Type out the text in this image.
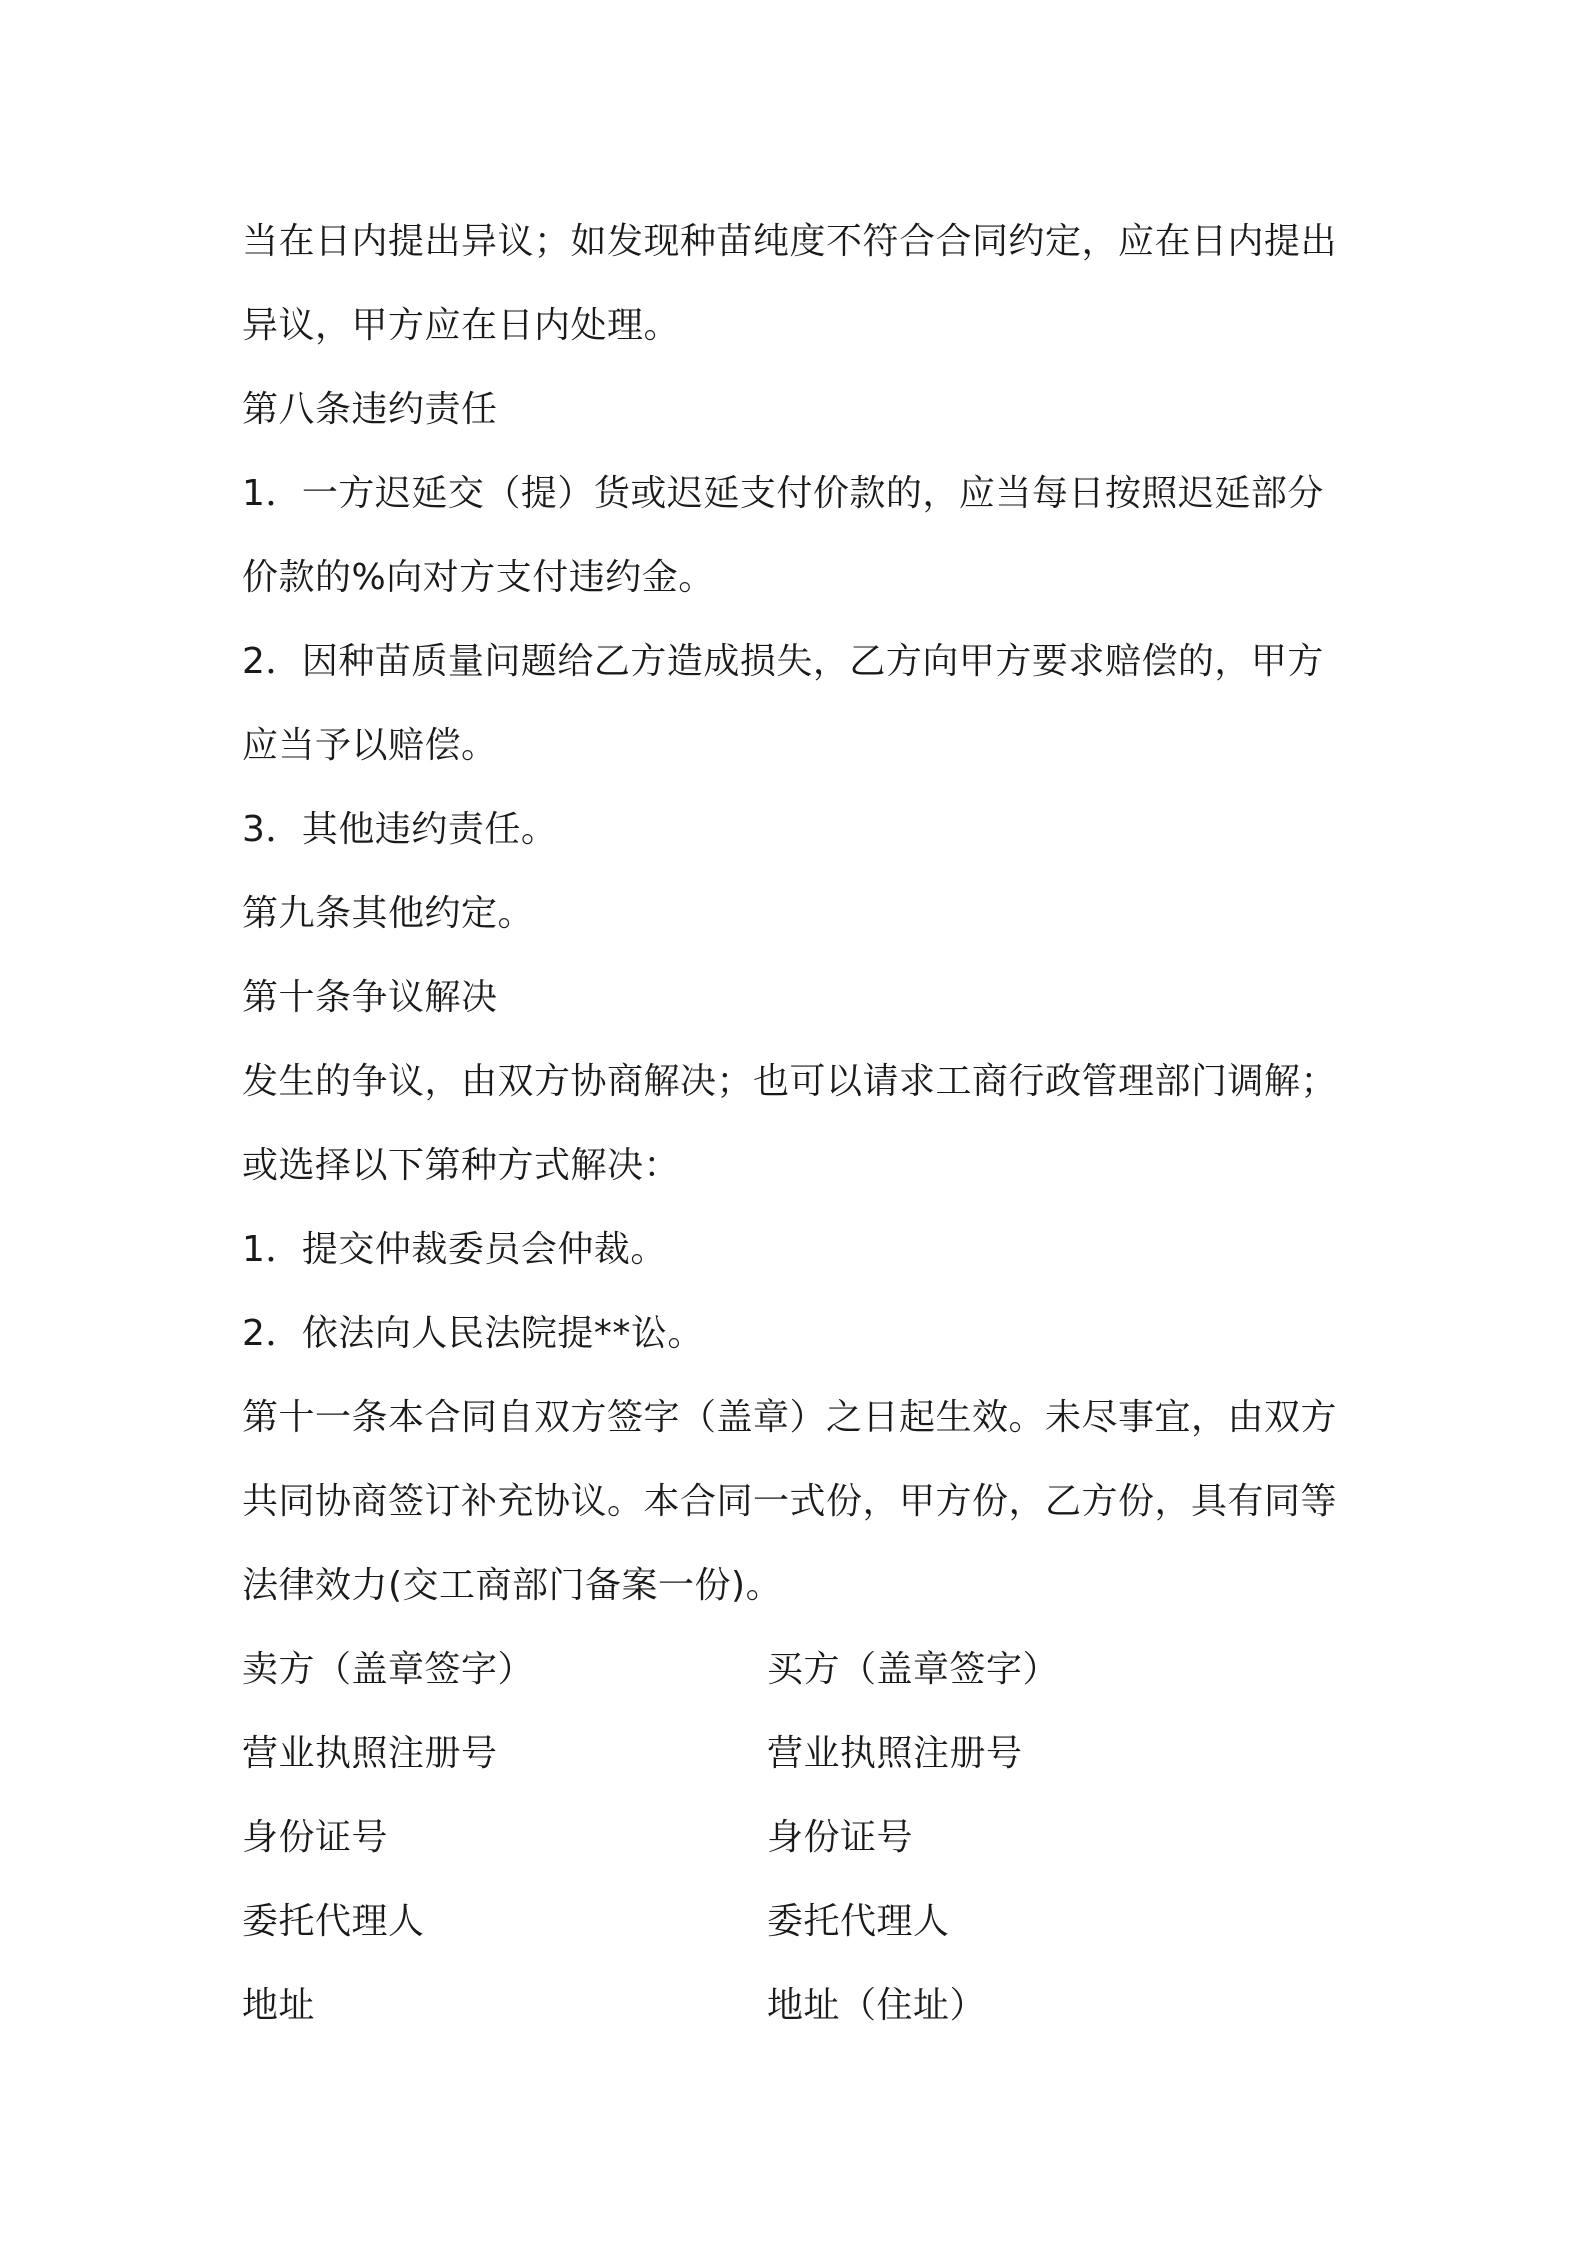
当在日内提出异议；如发现种苗纯度不符合合同约定，应在日内提出
异议，甲方应在日内处理。
第八条违约责任
1．一方迟延交（提）货或迟延支付价款的，应当每日按照迟延部分
价款的%向对方支付违约金。
2．因种苗质量问题给乙方造成损失，乙方向甲方要求赔偿的，甲方
应当予以赔偿。
3．其他违约责任。
第九条其他约定。
第十条争议解决
发生的争议，由双方协商解决；也可以请求工商行政管理部门调解；
或选择以下第种方式解决：
1．提交仲裁委员会仲裁。
2．依法向人民法院提**讼。
第十一条本合同自双方签字（盖章）之日起生效。未尽事宜，由双方
共同协商签订补充协议。本合同一式份，甲方份，乙方份，具有同等
法律效力(交工商部门备案一份)。
卖方（盖章签字）	买方（盖章签字）
营业执照注册号	营业执照注册号
身份证号	身份证号
委托代理人	委托代理人
地址	地址（住址）
